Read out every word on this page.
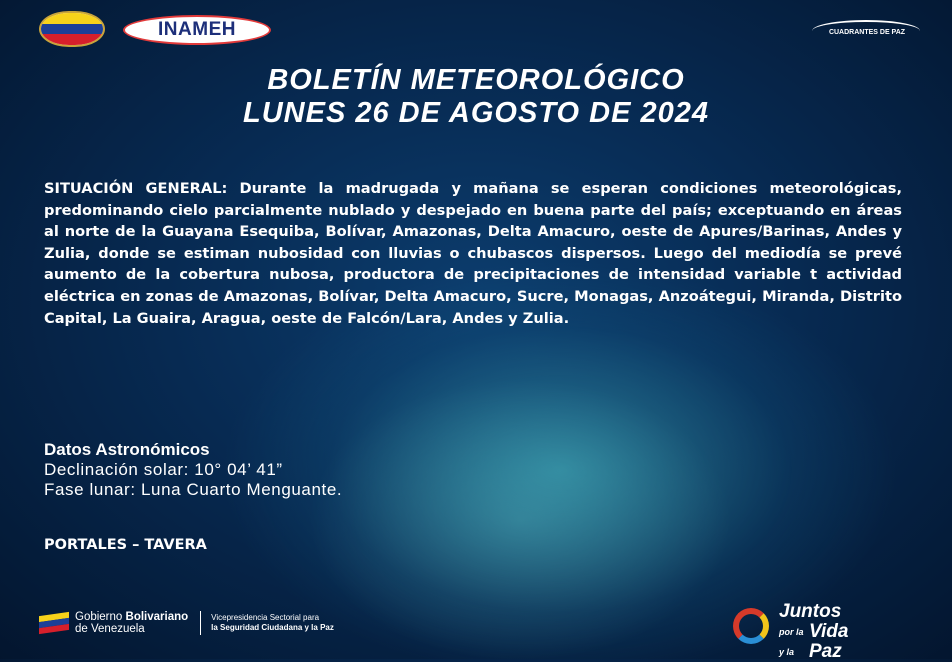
INAMEH	CUADRANTES DE PAZ
BOLETÍN METEOROLÓGICO
LUNES 26 DE AGOSTO DE 2024

SITUACIÓN GENERAL: Durante la madrugada y mañana se esperan condiciones meteorológicas, predominando cielo parcialmente nublado y despejado en buena parte del país; exceptuando en áreas al norte de la Guayana Esequiba, Bolívar, Amazonas, Delta Amacuro, oeste de Apures/Barinas, Andes y Zulia, donde se estiman nubosidad con lluvias o chubascos dispersos. Luego del mediodía se prevé aumento de la cobertura nubosa, productora de precipitaciones de intensidad variable t actividad eléctrica en zonas de Amazonas, Bolívar, Delta Amacuro, Sucre, Monagas, Anzoátegui, Miranda, Distrito Capital, La Guaira, Aragua, oeste de Falcón/Lara, Andes y Zulia.

Datos Astronómicos
Declinación solar: 10° 04’ 41”
Fase lunar: Luna Cuarto Menguante.
PORTALES – TAVERA
Gobierno Bolivariano
de Venezuela
Vicepresidencia Sectorial para
la Seguridad Ciudadana y la Paz
Juntos
por la Vida
y la Paz
